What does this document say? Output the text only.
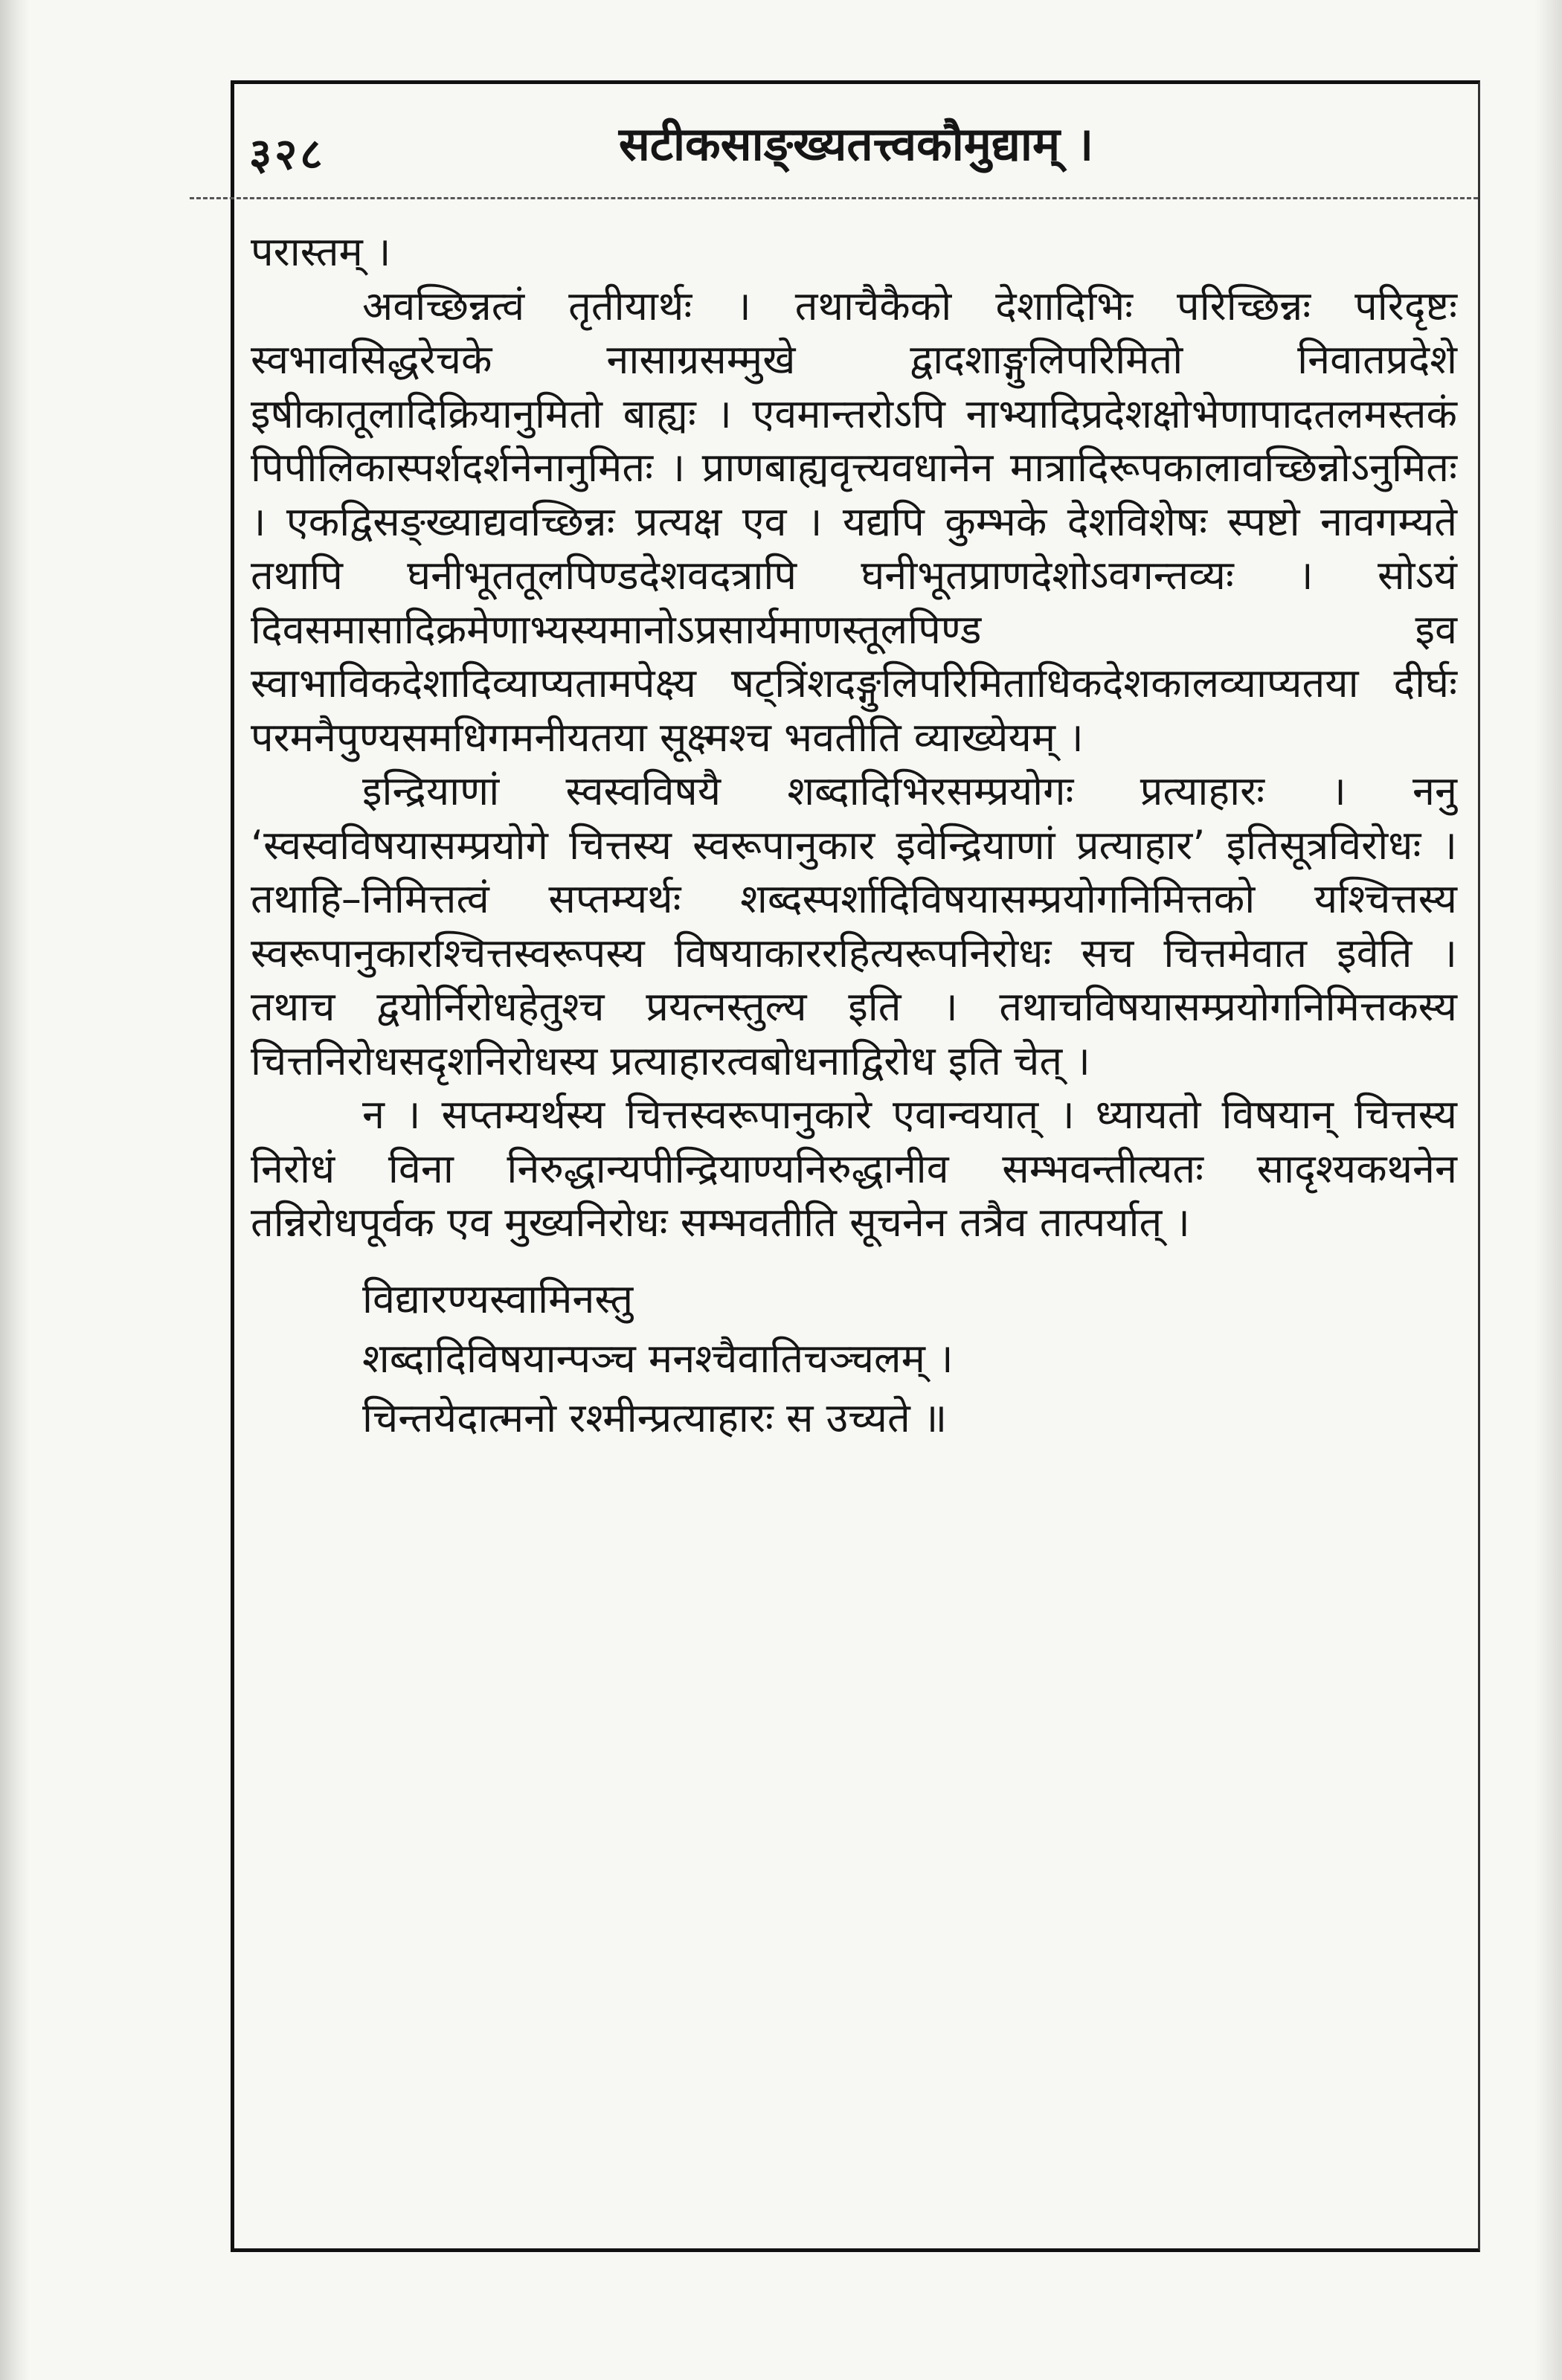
३२८	सटीकसाङ्ख्यतत्त्वकौमुद्याम् ।

परास्तम् ।

अवच्छिन्नत्वं तृतीयार्थः । तथाचैकैको देशादिभिः परिच्छिन्नः परिदृष्टः स्वभावसिद्धरेचके नासाग्रसम्मुखे द्वादशाङ्गुलिपरिमितो निवातप्रदेशे इषीकातूलादिक्रियानुमितो बाह्यः । एवमान्तरोऽपि नाभ्यादिप्रदेशक्षोभेणापादतलमस्तकं पिपीलिकास्पर्शदर्शनेनानुमितः । प्राणबाह्यवृत्त्यवधानेन मात्रादिरूपकालावच्छिन्नोऽनुमितः । एकद्विसङ्ख्याद्यवच्छिन्नः प्रत्यक्ष एव । यद्यपि कुम्भके देशविशेषः स्पष्टो नावगम्यते तथापि घनीभूततूलपिण्डदेशवदत्रापि घनीभूतप्राणदेशोऽवगन्तव्यः । सोऽयं दिवसमासादिक्रमेणाभ्यस्यमानोऽप्रसार्यमाणस्तूलपिण्ड इव स्वाभाविकदेशादिव्याप्यतामपेक्ष्य षट्त्रिंशदङ्गुलिपरिमिताधिकदेशकालव्याप्यतया दीर्घः परमनैपुण्यसमधिगमनीयतया सूक्ष्मश्च भवतीति व्याख्येयम् ।

इन्द्रियाणां स्वस्वविषयै शब्दादिभिरसम्प्रयोगः प्रत्याहारः । ननु ‘स्वस्वविषयासम्प्रयोगे चित्तस्य स्वरूपानुकार इवेन्द्रियाणां प्रत्याहार’ इतिसूत्रविरोधः । तथाहि–निमित्तत्वं सप्तम्यर्थः शब्दस्पर्शादिविषयासम्प्रयोगनिमित्तको यश्चित्तस्य स्वरूपानुकारश्चित्तस्वरूपस्य विषयाकाररहित्यरूपनिरोधः सच चित्तमेवात इवेति । तथाच द्वयोर्निरोधहेतुश्च प्रयत्नस्तुल्य इति । तथाचविषयासम्प्रयोगनिमित्तकस्य चित्तनिरोधसदृशनिरोधस्य प्रत्याहारत्वबोधनाद्विरोध इति चेत् ।

न । सप्तम्यर्थस्य चित्तस्वरूपानुकारे एवान्वयात् । ध्यायतो विषयान् चित्तस्य निरोधं विना निरुद्धान्यपीन्द्रियाण्यनिरुद्धानीव सम्भवन्तीत्यतः सादृश्यकथनेन तन्निरोधपूर्वक एव मुख्यनिरोधः सम्भवतीति सूचनेन तत्रैव तात्पर्यात् ।

विद्यारण्यस्वामिनस्तु
शब्दादिविषयान्पञ्च मनश्चैवातिचञ्चलम् ।
चिन्तयेदात्मनो रश्मीन्प्रत्याहारः स उच्यते ॥
